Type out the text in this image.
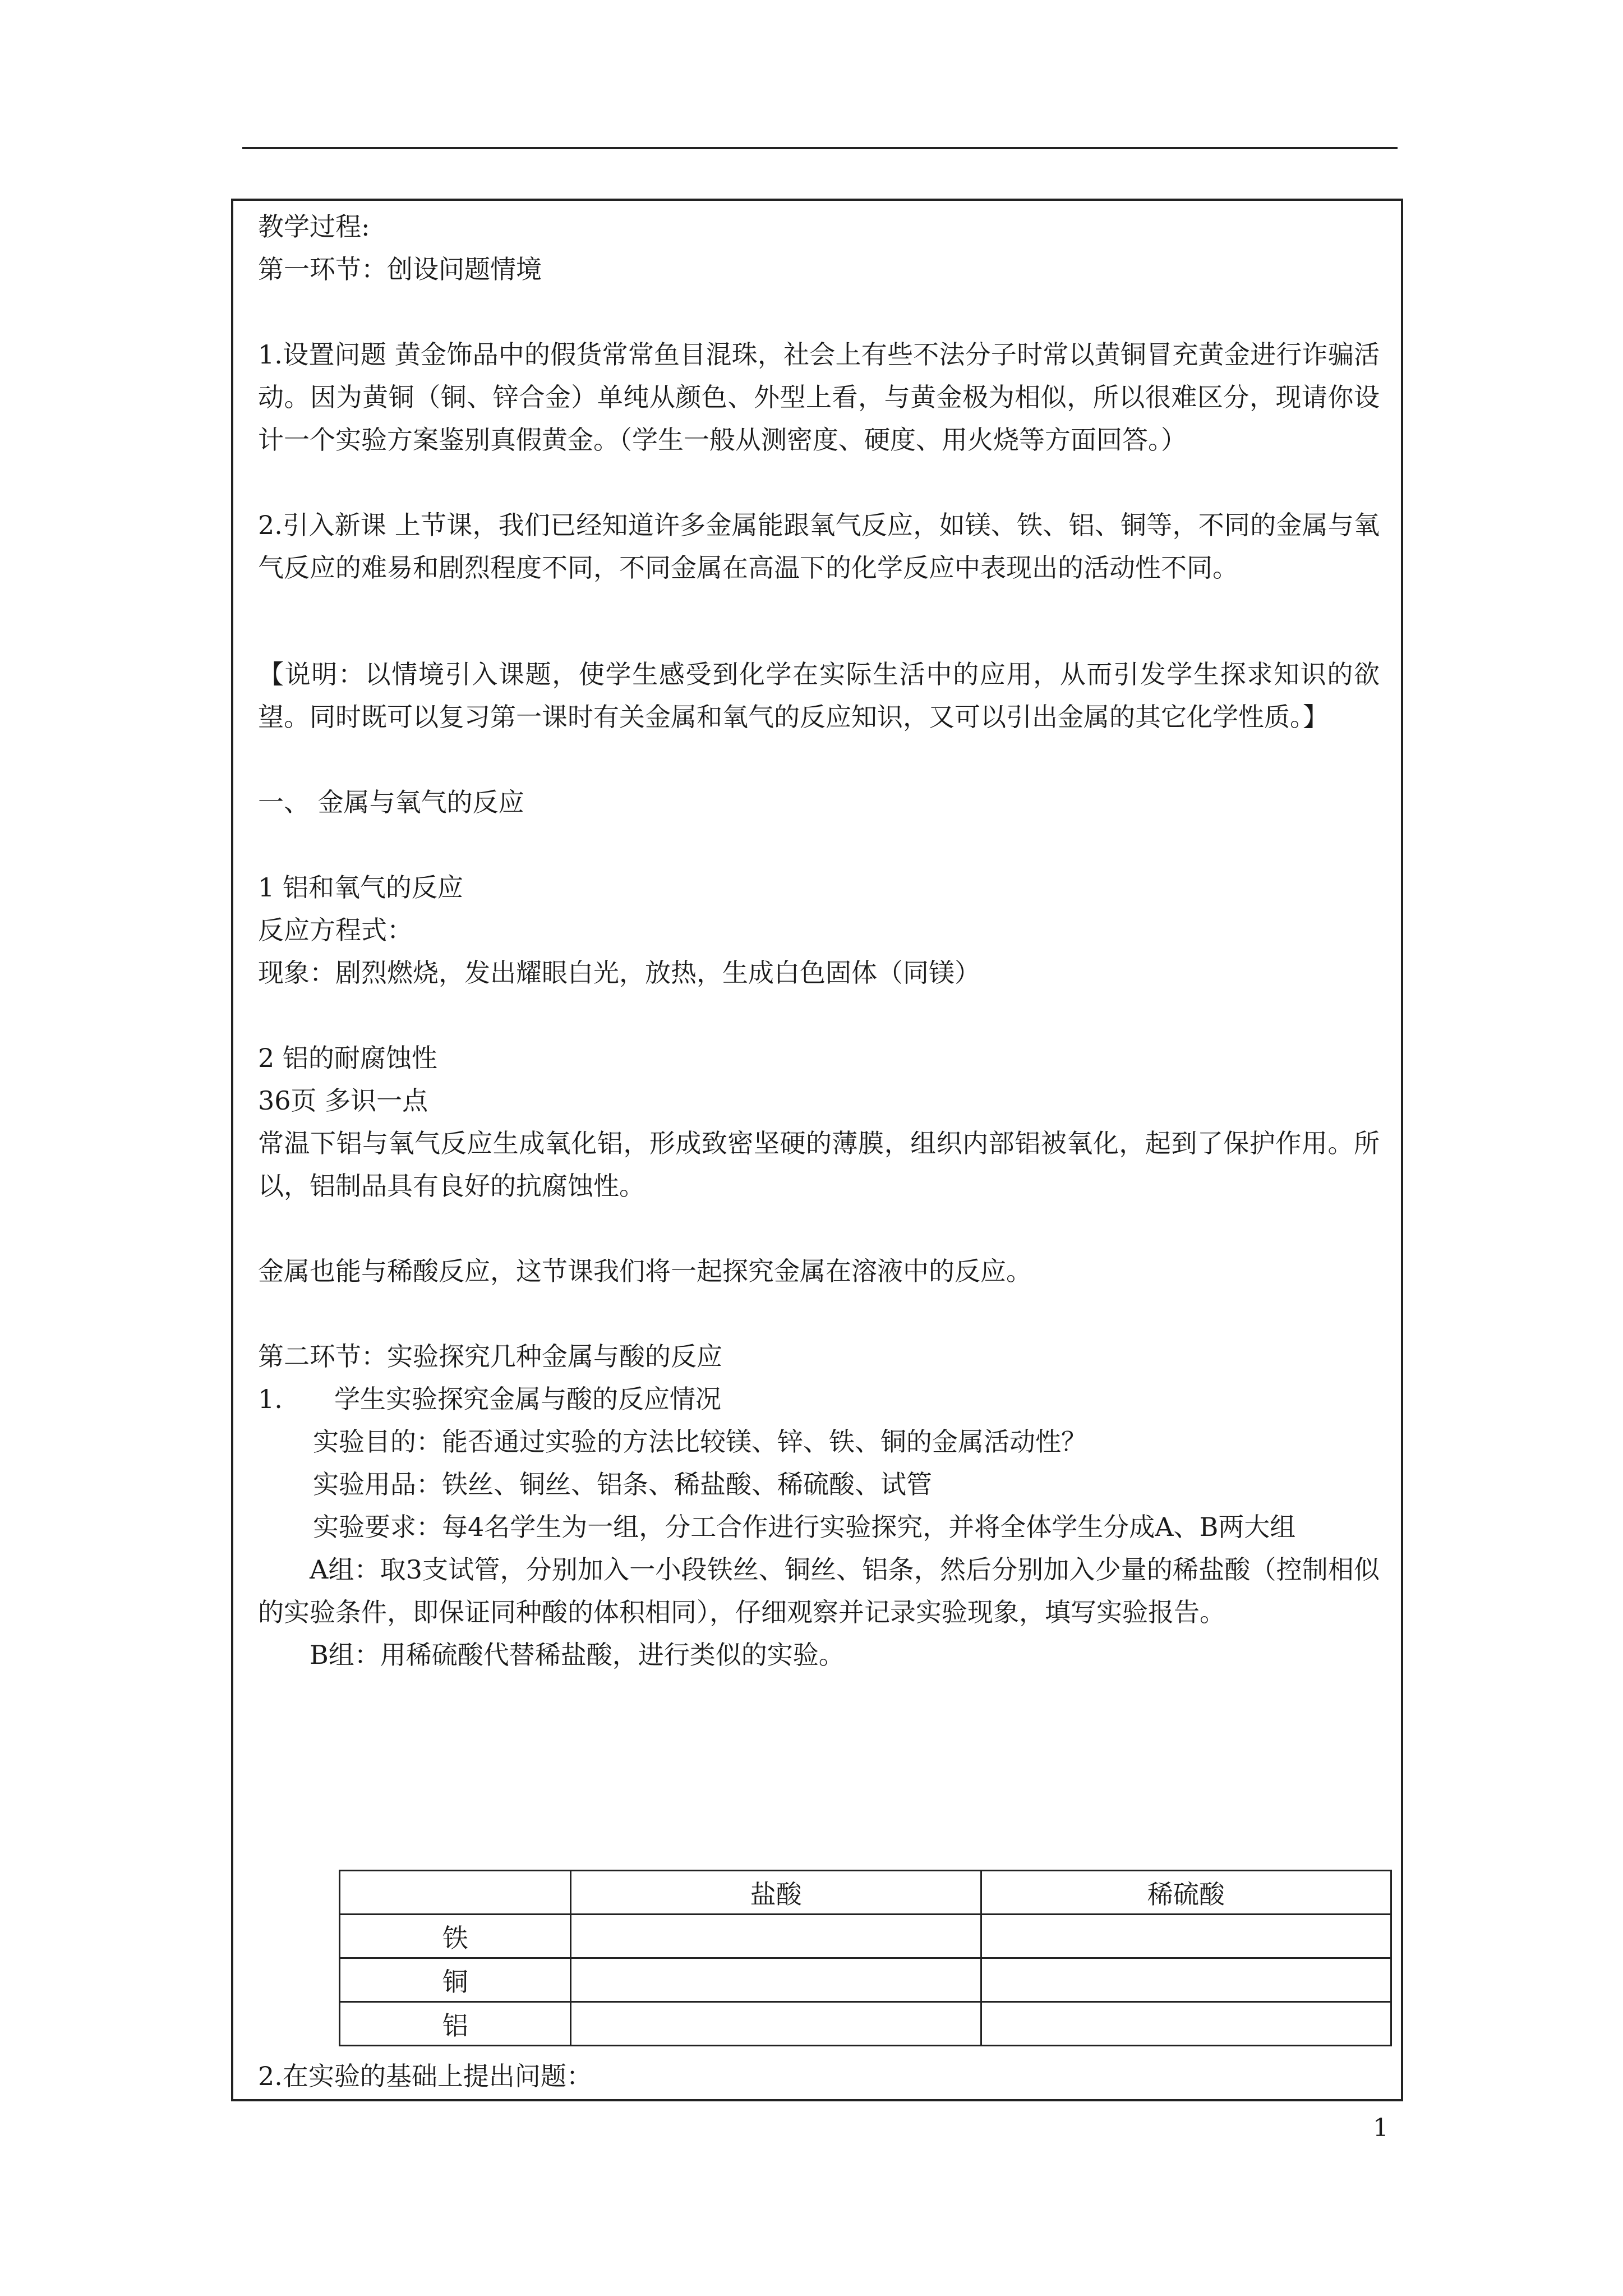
教学过程:

第一环节：创设问题情境

1.设置问题 黄金饰品中的假货常常鱼目混珠，社会上有些不法分子时常以黄铜冒充黄金进行诈骗活动。因为黄铜（铜、锌合金）单纯从颜色、外型上看，与黄金极为相似，所以很难区分，现请你设计一个实验方案鉴别真假黄金。（学生一般从测密度、硬度、用火烧等方面回答。）

2.引入新课 上节课，我们已经知道许多金属能跟氧气反应，如镁、铁、铝、铜等，不同的金属与氧气反应的难易和剧烈程度不同，不同金属在高温下的化学反应中表现出的活动性不同。

【说明：以情境引入课题，使学生感受到化学在实际生活中的应用，从而引发学生探求知识的欲望。同时既可以复习第一课时有关金属和氧气的反应知识，又可以引出金属的其它化学性质。】

一、 金属与氧气的反应

1 铝和氧气的反应

反应方程式：

现象：剧烈燃烧，发出耀眼白光，放热，生成白色固体（同镁）

2 铝的耐腐蚀性

36页 多识一点

常温下铝与氧气反应生成氧化铝，形成致密坚硬的薄膜，组织内部铝被氧化，起到了保护作用。所以，铝制品具有良好的抗腐蚀性。

金属也能与稀酸反应，这节课我们将一起探究金属在溶液中的反应。

第二环节：实验探究几种金属与酸的反应

1. 学生实验探究金属与酸的反应情况

实验目的：能否通过实验的方法比较镁、锌、铁、铜的金属活动性？

实验用品：铁丝、铜丝、铝条、稀盐酸、稀硫酸、试管

实验要求：每4名学生为一组，分工合作进行实验探究，并将全体学生分成A、B两大组

A组：取3支试管，分别加入一小段铁丝、铜丝、铝条，然后分别加入少量的稀盐酸（控制相似的实验条件，即保证同种酸的体积相同），仔细观察并记录实验现象，填写实验报告。

B组：用稀硫酸代替稀盐酸，进行类似的实验。

	盐酸	稀硫酸
铁		
铜		
铝		

2.在实验的基础上提出问题：

1
